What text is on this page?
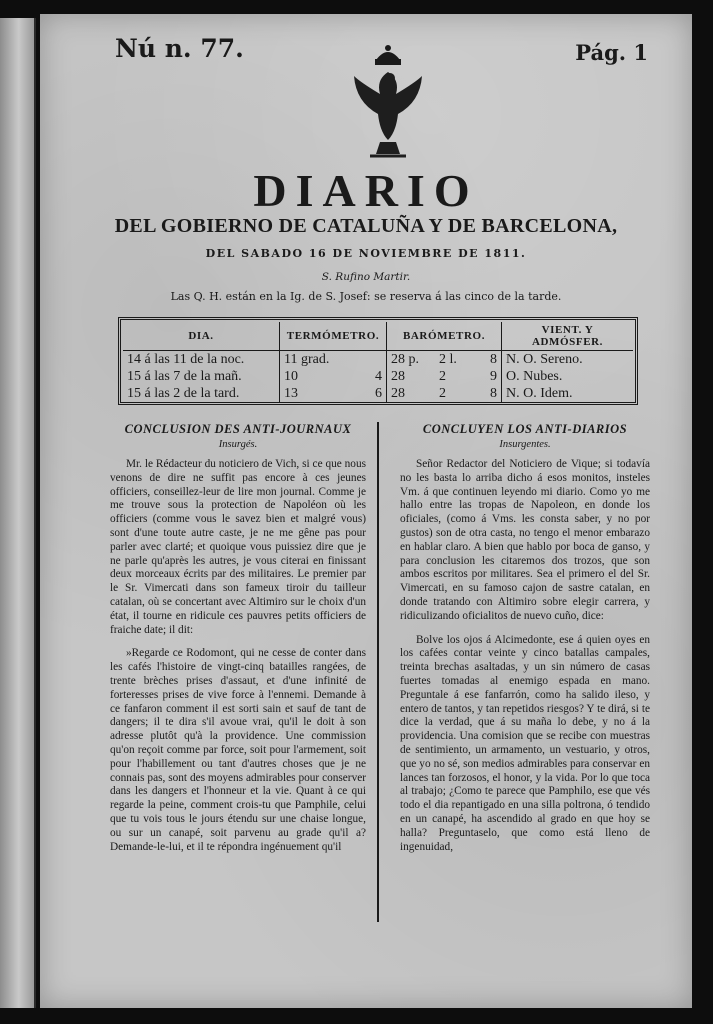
Nú n. 77.	Pág. 1
DIARIO
DEL GOBIERNO DE CATALUÑA Y DE BARCELONA,
DEL SABADO 16 DE NOVIEMBRE DE 1811.
S. Rufino Martir.
Las Q. H. están en la Ig. de S. Josef: se reserva á las cinco de la tarde.
DIA.	TERMÓMETRO.		BARÓMETRO.			VIENT. Y ADMÓSFER.
14 á las 11 de la noc.	11 grad.		28 p.	2 l.	8	N. O. Sereno.
15 á las 7 de la mañ.	10	4	28	2	9	O. Nubes.
15 á las 2 de la tard.	13	6	28	2	8	N. O. Idem.
CONCLUSION DES ANTI-JOURNAUX
Insurgés.

Mr. le Rédacteur du noticiero de Vich, si ce que nous venons de dire ne suffit pas encore à ces jeunes officiers, conseillez-leur de lire mon journal. Comme je me trouve sous la protection de Napoléon où les officiers (comme vous le savez bien et malgré vous) sont d'une toute autre caste, je ne me gêne pas pour parler avec clarté; et quoique vous puissiez dire que je ne parle qu'après les autres, je vous citerai en finissant deux morceaux écrits par des militaires. Le premier par le Sr. Vimercati dans son fameux tiroir du tailleur catalan, où se concertant avec Altimiro sur le choix d'un état, il tourne en ridicule ces pauvres petits officiers de fraiche date; il dit:

»Regarde ce Rodomont, qui ne cesse de conter dans les cafés l'histoire de vingt-cinq batailles rangées, de trente brèches prises d'assaut, et d'une infinité de forteresses prises de vive force à l'ennemi. Demande à ce fanfaron comment il est sorti sain et sauf de tant de dangers; il te dira s'il avoue vrai, qu'il le doit à son adresse plutôt qu'à la providence. Une commission qu'on reçoit comme par force, soit pour l'armement, soit pour l'habillement ou tant d'autres choses que je ne connais pas, sont des moyens admirables pour conserver dans les dangers et l'honneur et la vie. Quant à ce qui regarde la peine, comment crois-tu que Pamphile, celui que tu vois tous le jours étendu sur une chaise longue, ou sur un canapé, soit parvenu au grade qu'il a? Demande-le-lui, et il te répondra ingénuement qu'il

CONCLUYEN LOS ANTI-DIARIOS
Insurgentes.

Señor Redactor del Noticiero de Vique; si todavía no les basta lo arriba dicho á esos monitos, insteles Vm. á que continuen leyendo mi diario. Como yo me hallo entre las tropas de Napoleon, en donde los oficiales, (como á Vms. les consta saber, y no por gustos) son de otra casta, no tengo el menor embarazo en hablar claro. A bien que hablo por boca de ganso, y para conclusion les citaremos dos trozos, que son ambos escritos por militares. Sea el primero el del Sr. Vimercati, en su famoso cajon de sastre catalan, en donde tratando con Altimiro sobre elegir carrera, y ridiculizando oficialitos de nuevo cuño, dice:

Bolve los ojos á Alcimedonte, ese á quien oyes en los cafées contar veinte y cinco batallas campales, treinta brechas asaltadas, y un sin número de casas fuertes tomadas al enemigo espada en mano. Preguntale á ese fanfarrón, como ha salido ileso, y entero de tantos, y tan repetidos riesgos? Y te dirá, si te dice la verdad, que á su maña lo debe, y no á la providencia. Una comision que se recibe con muestras de sentimiento, un armamento, un vestuario, y otros, que yo no sé, son medios admirables para conservar en lances tan forzosos, el honor, y la vida. Por lo que toca al trabajo; ¿Como te parece que Pamphilo, ese que vés todo el dia repantigado en una silla poltrona, ó tendido en un canapé, ha ascendido al grado en que hoy se halla? Preguntaselo, que como está lleno de ingenuidad,
